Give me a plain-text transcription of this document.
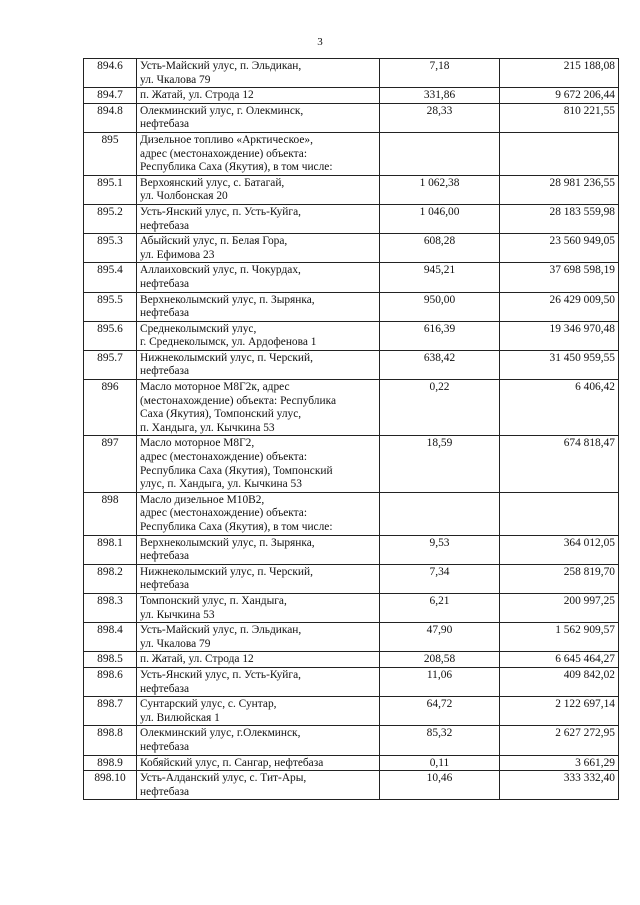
3
894.6	Усть-Майский улус, п. Эльдикан,
ул. Чкалова 79	7,18	215 188,08
894.7	п. Жатай, ул. Строда 12	331,86	9 672 206,44
894.8	Олекминский улус, г. Олекминск,
нефтебаза	28,33	810 221,55
895	Дизельное топливо «Арктическое»,
адрес (местонахождение) объекта:
Республика Саха (Якутия), в том числе:		
895.1	Верхоянский улус, с. Батагай,
ул. Чолбонская 20	1 062,38	28 981 236,55
895.2	Усть-Янский улус, п. Усть-Куйга,
нефтебаза	1 046,00	28 183 559,98
895.3	Абыйский улус, п. Белая Гора,
ул. Ефимова 23	608,28	23 560 949,05
895.4	Аллаиховский улус, п. Чокурдах,
нефтебаза	945,21	37 698 598,19
895.5	Верхнеколымский улус, п. Зырянка,
нефтебаза	950,00	26 429 009,50
895.6	Среднеколымский улус,
г. Среднеколымск, ул. Ардофенова 1	616,39	19 346 970,48
895.7	Нижнеколымский улус, п. Черский,
нефтебаза	638,42	31 450 959,55
896	Масло моторное М8Г2к, адрес
(местонахождение) объекта: Республика
Саха (Якутия), Томпонский улус,
п. Хандыга, ул. Кычкина 53	0,22	6 406,42
897	Масло моторное М8Г2,
адрес (местонахождение) объекта:
Республика Саха (Якутия), Томпонский
улус, п. Хандыга, ул. Кычкина 53	18,59	674 818,47
898	Масло дизельное М10В2,
адрес (местонахождение) объекта:
Республика Саха (Якутия), в том числе:		
898.1	Верхнеколымский улус, п. Зырянка,
нефтебаза	9,53	364 012,05
898.2	Нижнеколымский улус, п. Черский,
нефтебаза	7,34	258 819,70
898.3	Томпонский улус, п. Хандыга,
ул. Кычкина 53	6,21	200 997,25
898.4	Усть-Майский улус, п. Эльдикан,
ул. Чкалова 79	47,90	1 562 909,57
898.5	п. Жатай, ул. Строда 12	208,58	6 645 464,27
898.6	Усть-Янский улус, п. Усть-Куйга,
нефтебаза	11,06	409 842,02
898.7	Сунтарский улус, с. Сунтар,
ул. Вилюйская 1	64,72	2 122 697,14
898.8	Олекминский улус, г.Олекминск,
нефтебаза	85,32	2 627 272,95
898.9	Кобяйский улус, п. Сангар, нефтебаза	0,11	3 661,29
898.10	Усть-Алданский улус, с. Тит-Ары,
нефтебаза	10,46	333 332,40
